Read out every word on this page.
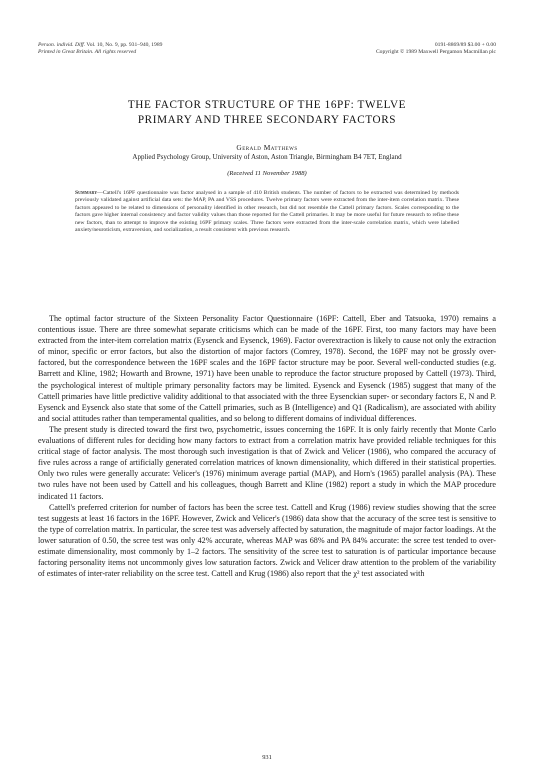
Person. individ. Diff. Vol. 10, No. 9, pp. 931–940, 1989
Printed in Great Britain. All rights reserved
0191-8869/89 $3.00 + 0.00
Copyright © 1989 Maxwell Pergamon Macmillan plc
THE FACTOR STRUCTURE OF THE 16PF: TWELVE
PRIMARY AND THREE SECONDARY FACTORS
Gerald Matthews
Applied Psychology Group, University of Aston, Aston Triangle, Birmingham B4 7ET, England
(Received 11 November 1988)
Summary—Cattell's 16PF questionnaire was factor analysed in a sample of 410 British students. The number of factors to be extracted was determined by methods previously validated against artificial data sets: the MAP, PA and VSS procedures. Twelve primary factors were extracted from the inter-item correlation matrix. These factors appeared to be related to dimensions of personality identified in other research, but did not resemble the Cattell primary factors. Scales corresponding to the factors gave higher internal consistency and factor validity values than those reported for the Cattell primaries. It may be more useful for future research to refine these new factors, than to attempt to improve the existing 16PF primary scales. Three factors were extracted from the inter-scale correlation matrix, which were labelled anxiety/neuroticism, extraversion, and socialization, a result consistent with previous research.

The optimal factor structure of the Sixteen Personality Factor Questionnaire (16PF: Cattell, Eber and Tatsuoka, 1970) remains a contentious issue. There are three somewhat separate criticisms which can be made of the 16PF. First, too many factors may have been extracted from the inter-item correlation matrix (Eysenck and Eysenck, 1969). Factor overextraction is likely to cause not only the extraction of minor, specific or error factors, but also the distortion of major factors (Comrey, 1978). Second, the 16PF may not be grossly over-factored, but the correspondence between the 16PF scales and the 16PF factor structure may be poor. Several well-conducted studies (e.g. Barrett and Kline, 1982; Howarth and Browne, 1971) have been unable to reproduce the factor structure proposed by Cattell (1973). Third, the psychological interest of multiple primary personality factors may be limited. Eysenck and Eysenck (1985) suggest that many of the Cattell primaries have little predictive validity additional to that associated with the three Eysenckian super- or secondary factors E, N and P. Eysenck and Eysenck also state that some of the Cattell primaries, such as B (Intelligence) and Q1 (Radicalism), are associated with ability and social attitudes rather than temperamental qualities, and so belong to different domains of individual differences.

The present study is directed toward the first two, psychometric, issues concerning the 16PF. It is only fairly recently that Monte Carlo evaluations of different rules for deciding how many factors to extract from a correlation matrix have provided reliable techniques for this critical stage of factor analysis. The most thorough such investigation is that of Zwick and Velicer (1986), who compared the accuracy of five rules across a range of artificially generated correlation matrices of known dimensionality, which differed in their statistical properties. Only two rules were generally accurate: Velicer's (1976) minimum average partial (MAP), and Horn's (1965) parallel analysis (PA). These two rules have not been used by Cattell and his colleagues, though Barrett and Kline (1982) report a study in which the MAP procedure indicated 11 factors.

Cattell's preferred criterion for number of factors has been the scree test. Cattell and Krug (1986) review studies showing that the scree test suggests at least 16 factors in the 16PF. However, Zwick and Velicer's (1986) data show that the accuracy of the scree test is sensitive to the type of correlation matrix. In particular, the scree test was adversely affected by saturation, the magnitude of major factor loadings. At the lower saturation of 0.50, the scree test was only 42% accurate, whereas MAP was 68% and PA 84% accurate: the scree test tended to over-estimate dimensionality, most commonly by 1–2 factors. The sensitivity of the scree test to saturation is of particular importance because factoring personality items not uncommonly gives low saturation factors. Zwick and Velicer draw attention to the problem of the variability of estimates of inter-rater reliability on the scree test. Cattell and Krug (1986) also report that the χ² test associated with

931
